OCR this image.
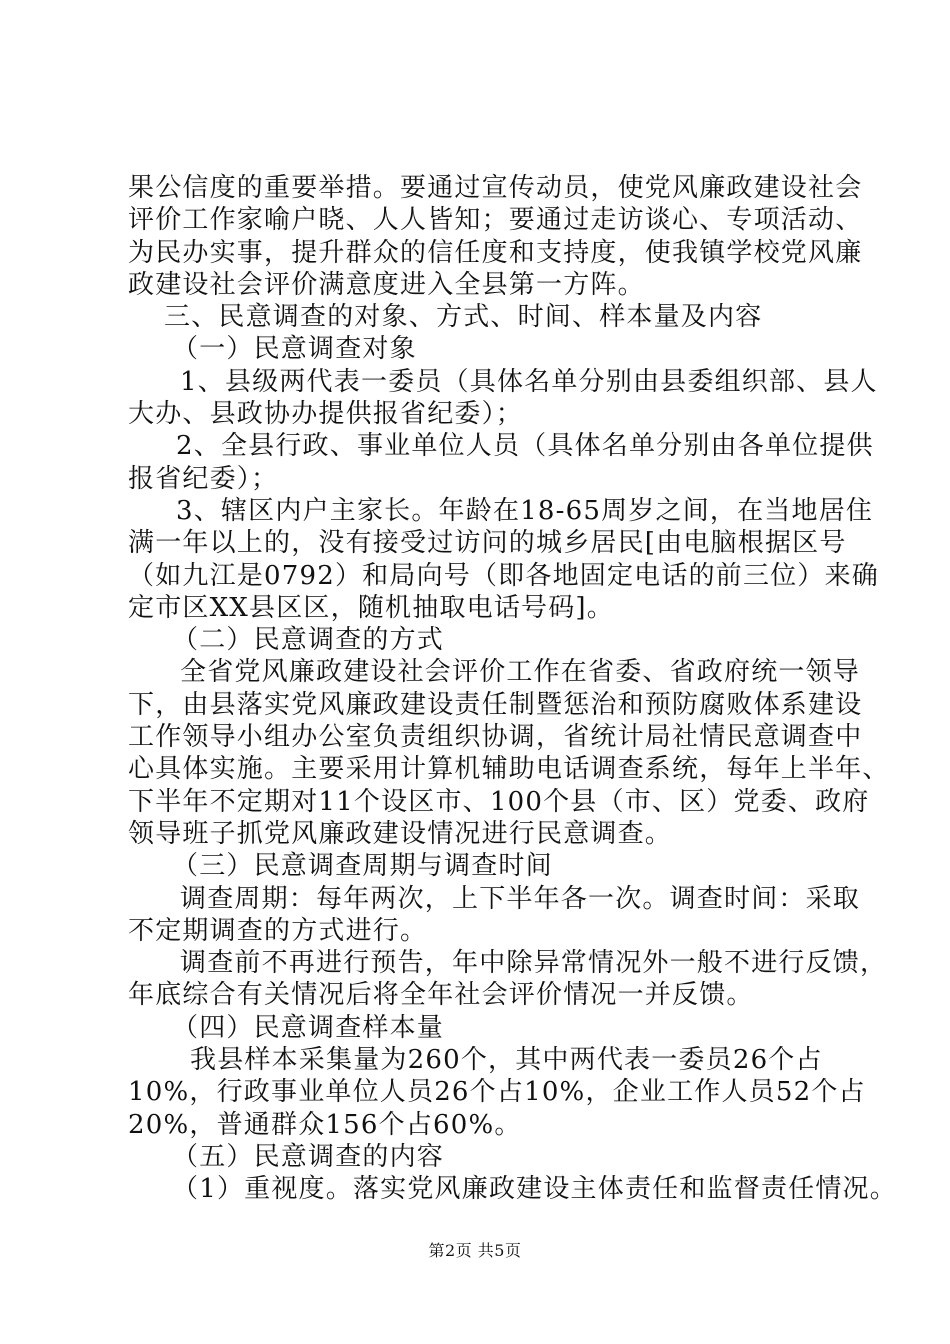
果公信度的重要举措。要通过宣传动员，使党风廉政建设社会
评价工作家喻户晓、人人皆知；要通过走访谈心、专项活动、
为民办实事，提升群众的信任度和支持度，使我镇学校党风廉
政建设社会评价满意度进入全县第一方阵。
三、民意调查的对象、方式、时间、样本量及内容
（一）民意调查对象
1、县级两代表一委员（具体名单分别由县委组织部、县人
大办、县政协办提供报省纪委）；
2、全县行政、事业单位人员（具体名单分别由各单位提供
报省纪委）；
3、辖区内户主家长。年龄在18-65周岁之间，在当地居住
满一年以上的，没有接受过访问的城乡居民[由电脑根据区号
（如九江是0792）和局向号（即各地固定电话的前三位）来确
定市区XX县区区，随机抽取电话号码]。
（二）民意调查的方式
全省党风廉政建设社会评价工作在省委、省政府统一领导
下，由县落实党风廉政建设责任制暨惩治和预防腐败体系建设
工作领导小组办公室负责组织协调，省统计局社情民意调查中
心具体实施。主要采用计算机辅助电话调查系统，每年上半年、
下半年不定期对11个设区市、100个县（市、区）党委、政府
领导班子抓党风廉政建设情况进行民意调查。
（三）民意调查周期与调查时间
调查周期：每年两次，上下半年各一次。调查时间：采取
不定期调查的方式进行。
调查前不再进行预告，年中除异常情况外一般不进行反馈，
年底综合有关情况后将全年社会评价情况一并反馈。
（四）民意调查样本量
我县样本采集量为260个，其中两代表一委员26个占
10%，行政事业单位人员26个占10%，企业工作人员52个占
20%，普通群众156个占60%。
（五）民意调查的内容
（1）重视度。落实党风廉政建设主体责任和监督责任情况。
第2页 共5页
